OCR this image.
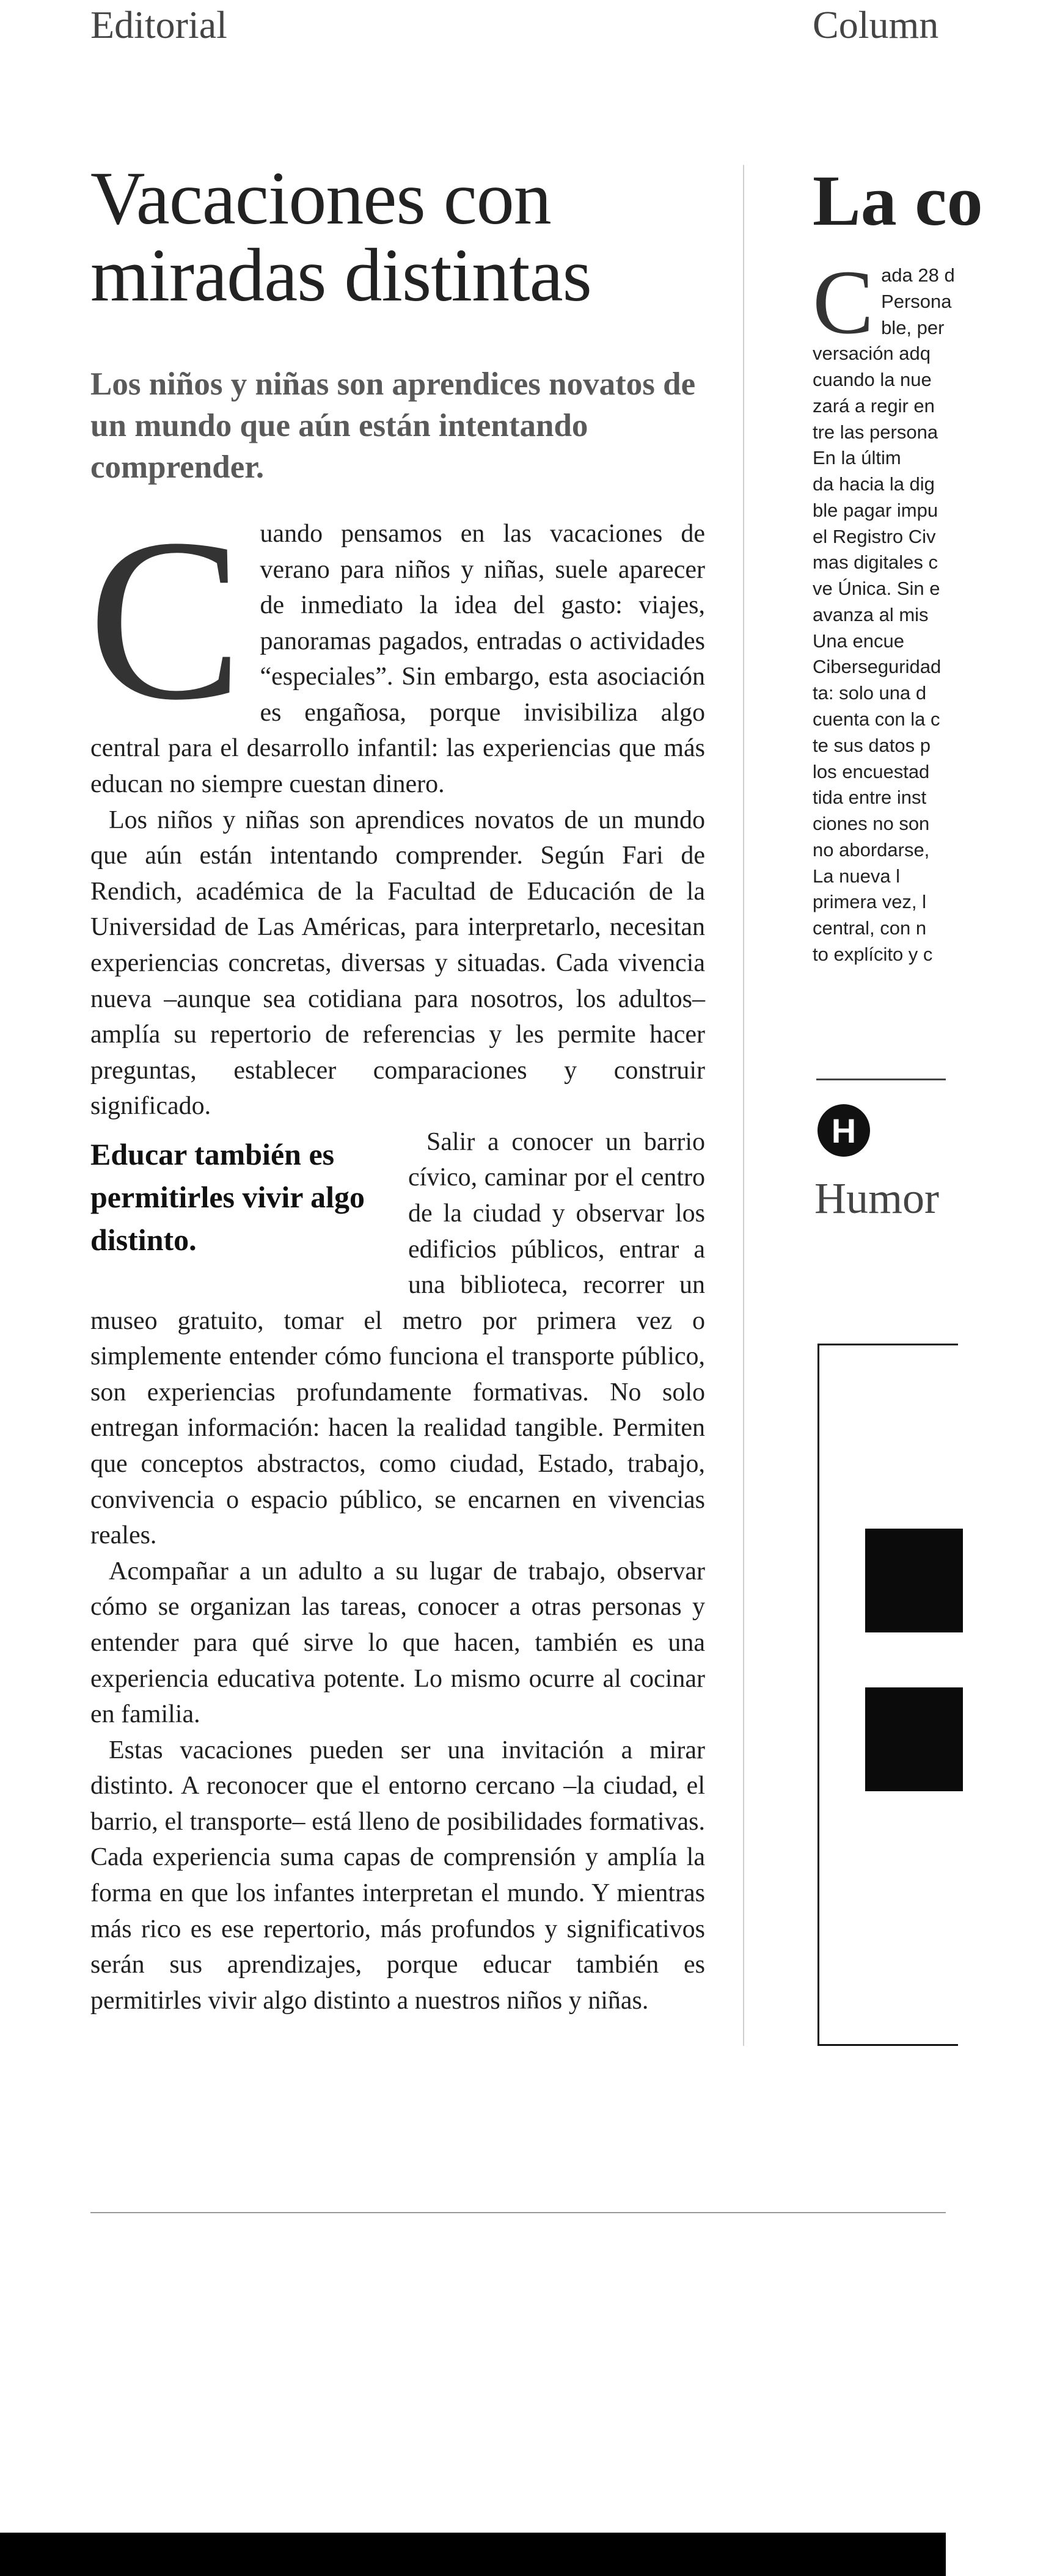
Editorial	Column
Vacaciones con miradas distintas

Los niños y niñas son aprendices novatos de un mundo que aún están intentando comprender.

C uando pensamos en las vacaciones de verano para niños y niñas, suele aparecer de inmediato la idea del gasto: viajes, panoramas pagados, entradas o actividades “especiales”. Sin embargo, esta asociación es engañosa, porque invisibiliza algo central para el desarrollo infantil: las experiencias que más educan no siempre cuestan dinero.

Los niños y niñas son aprendices novatos de un mundo que aún están intentando comprender. Según Fari de Rendich, académica de la Facultad de Educación de la Universidad de Las Américas, para interpretarlo, necesitan experiencias concretas, diversas y situadas. Cada vivencia nueva –aunque sea cotidiana para nosotros, los adultos– amplía su repertorio de referencias y les permite hacer preguntas, establecer comparaciones y construir significado.

Educar también es permitirles vivir algo distinto.

Salir a conocer un barrio cívico, caminar por el centro de la ciudad y observar los edificios públicos, entrar a una biblioteca, recorrer un museo gratuito, tomar el metro por primera vez o simplemente entender cómo funciona el transporte público, son experiencias profundamente formativas. No solo entregan información: hacen la realidad tangible. Permiten que conceptos abstractos, como ciudad, Estado, trabajo, convivencia o espacio público, se encarnen en vivencias reales.

Acompañar a un adulto a su lugar de trabajo, observar cómo se organizan las tareas, conocer a otras personas y entender para qué sirve lo que hacen, también es una experiencia educativa potente. Lo mismo ocurre al cocinar en familia.

Estas vacaciones pueden ser una invitación a mirar distinto. A reconocer que el entorno cercano –la ciudad, el barrio, el transporte– está lleno de posibilidades formativas. Cada experiencia suma capas de comprensión y amplía la forma en que los infantes interpretan el mundo. Y mientras más rico es ese repertorio, más profundos y significativos serán sus aprendizajes, porque educar también es permitirles vivir algo distinto a nuestros niños y niñas.

La co
C ada 28 d

Persona

ble, per

versación adq

cuando la nue

zará a regir en

tre las persona

En la últim

da hacia la dig

ble pagar impu

el Registro Civ

mas digitales c

ve Única. Sin e

avanza al mis

Una encue

Ciberseguridad

ta: solo una d

cuenta con la c

te sus datos p

los encuestad

tida entre inst

ciones no son

no abordarse,

La nueva l

primera vez, l

central, con n

to explícito y c

H
Humor
